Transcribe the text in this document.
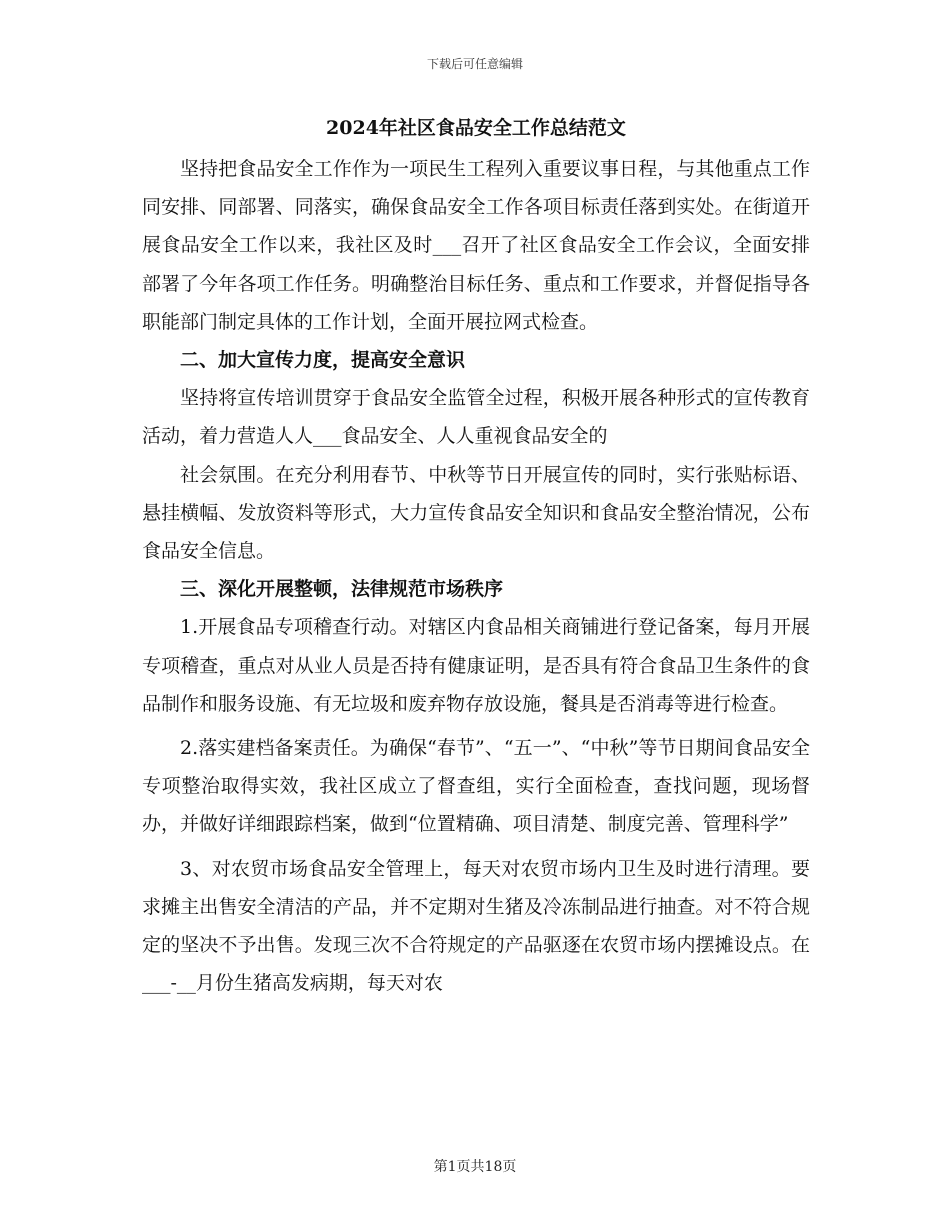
下载后可任意编辑
2024年社区食品安全工作总结范文

坚持把食品安全工作作为一项民生工程列入重要议事日程，与其他重点工作同安排、同部署、同落实，确保食品安全工作各项目标责任落到实处。在街道开展食品安全工作以来，我社区及时___召开了社区食品安全工作会议，全面安排部署了今年各项工作任务。明确整治目标任务、重点和工作要求，并督促指导各职能部门制定具体的工作计划，全面开展拉网式检查。

二、加大宣传力度，提高安全意识

坚持将宣传培训贯穿于食品安全监管全过程，积极开展各种形式的宣传教育活动，着力营造人人___食品安全、人人重视食品安全的

社会氛围。在充分利用春节、中秋等节日开展宣传的同时，实行张贴标语、悬挂横幅、发放资料等形式，大力宣传食品安全知识和食品安全整治情况，公布食品安全信息。

三、深化开展整顿，法律规范市场秩序

1.开展食品专项稽查行动。对辖区内食品相关商铺进行登记备案，每月开展专项稽查，重点对从业人员是否持有健康证明，是否具有符合食品卫生条件的食品制作和服务设施、有无垃圾和废弃物存放设施，餐具是否消毒等进行检查。

2.落实建档备案责任。为确保“春节”、“五一”、“中秋”等节日期间食品安全专项整治取得实效，我社区成立了督查组，实行全面检查，查找问题，现场督办，并做好详细跟踪档案，做到“位置精确、项目清楚、制度完善、管理科学”

3、对农贸市场食品安全管理上，每天对农贸市场内卫生及时进行清理。要求摊主出售安全清洁的产品，并不定期对生猪及冷冻制品进行抽查。对不符合规定的坚决不予出售。发现三次不合符规定的产品驱逐在农贸市场内摆摊设点。在___-__月份生猪高发病期，每天对农

第1页共18页
